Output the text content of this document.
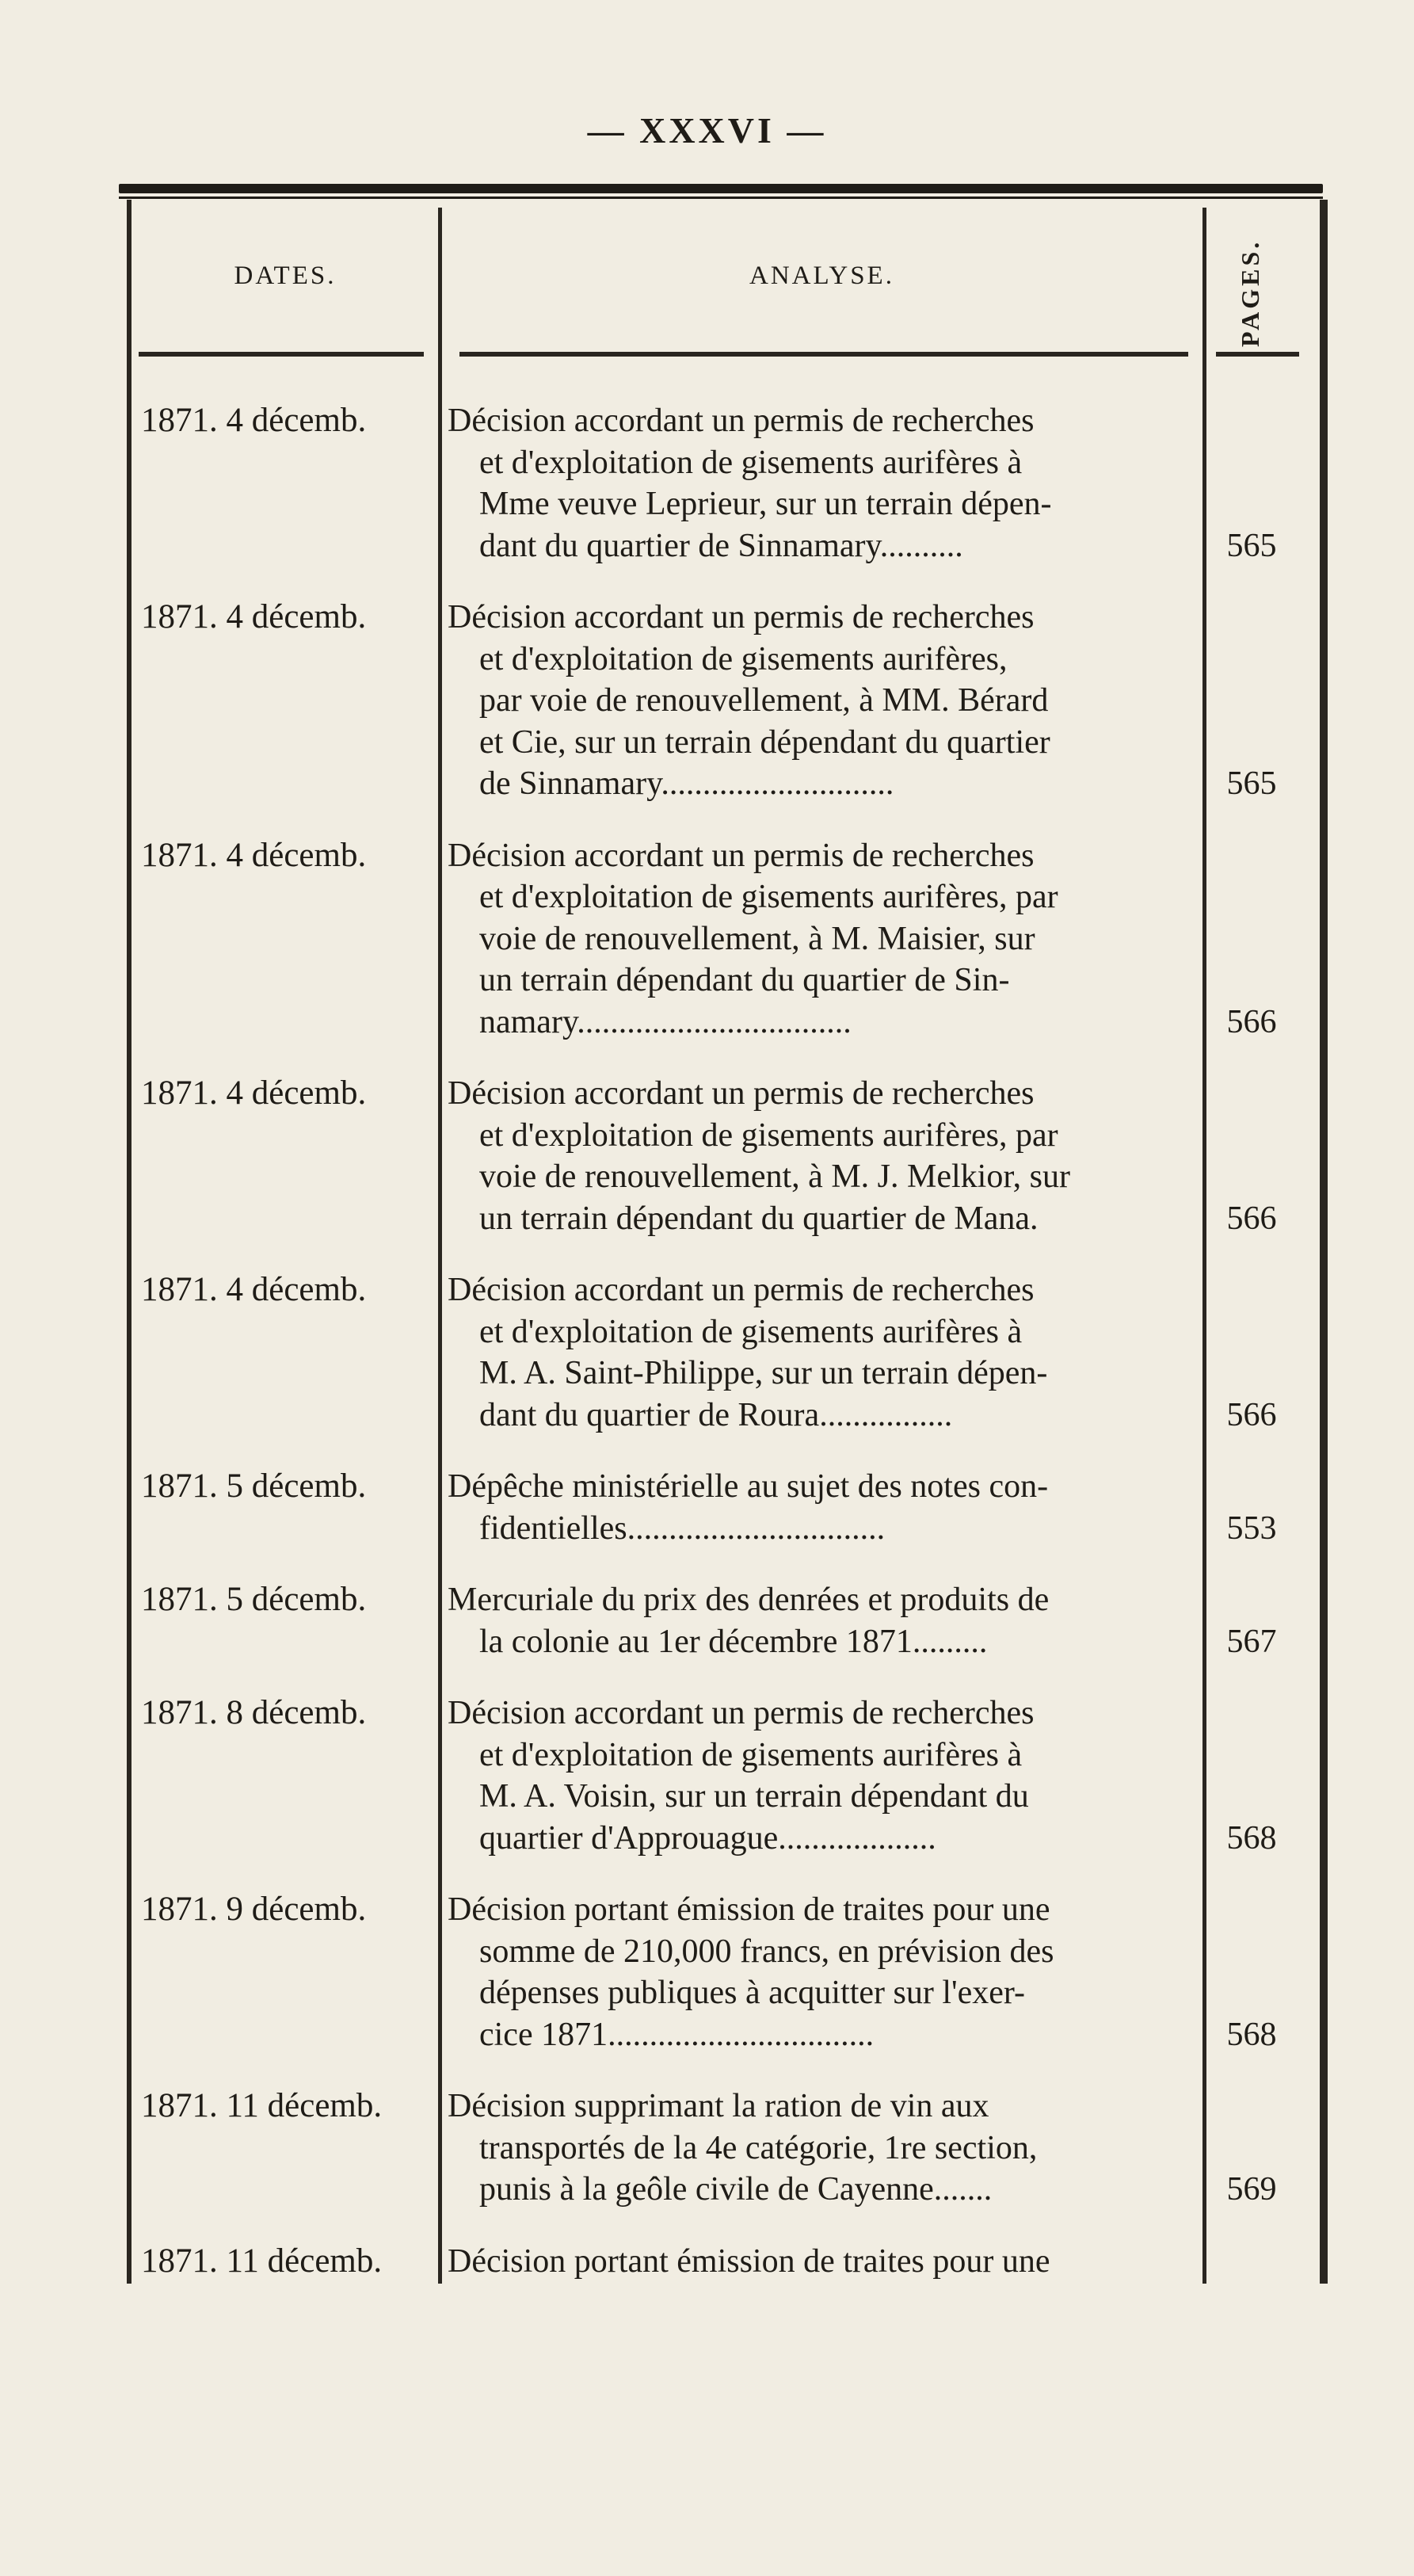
— XXXVI —
DATES.	ANALYSE.	PAGES.
1871. 4 décemb.	Décision accordant un permis de recherches
et d'exploitation de gisements aurifères à
Mme veuve Leprieur, sur un terrain dépen-
dant du quartier de Sinnamary..........	565
1871. 4 décemb.	Décision accordant un permis de recherches
et d'exploitation de gisements aurifères,
par voie de renouvellement, à MM. Bérard
et Cie, sur un terrain dépendant du quartier
de Sinnamary............................	565
1871. 4 décemb.	Décision accordant un permis de recherches
et d'exploitation de gisements aurifères, par
voie de renouvellement, à M. Maisier, sur
un terrain dépendant du quartier de Sin-
namary.................................	566
1871. 4 décemb.	Décision accordant un permis de recherches
et d'exploitation de gisements aurifères, par
voie de renouvellement, à M. J. Melkior, sur
un terrain dépendant du quartier de Mana.	566
1871. 4 décemb.	Décision accordant un permis de recherches
et d'exploitation de gisements aurifères à
M. A. Saint-Philippe, sur un terrain dépen-
dant du quartier de Roura................	566
1871. 5 décemb.	Dépêche ministérielle au sujet des notes con-
fidentielles...............................	553
1871. 5 décemb.	Mercuriale du prix des denrées et produits de
la colonie au 1er décembre 1871.........	567
1871. 8 décemb.	Décision accordant un permis de recherches
et d'exploitation de gisements aurifères à
M. A. Voisin, sur un terrain dépendant du
quartier d'Approuague...................	568
1871. 9 décemb.	Décision portant émission de traites pour une
somme de 210,000 francs, en prévision des
dépenses publiques à acquitter sur l'exer-
cice 1871................................	568
1871. 11 décemb.	Décision supprimant la ration de vin aux
transportés de la 4e catégorie, 1re section,
punis à la geôle civile de Cayenne.......	569
1871. 11 décemb.	Décision portant émission de traites pour une
